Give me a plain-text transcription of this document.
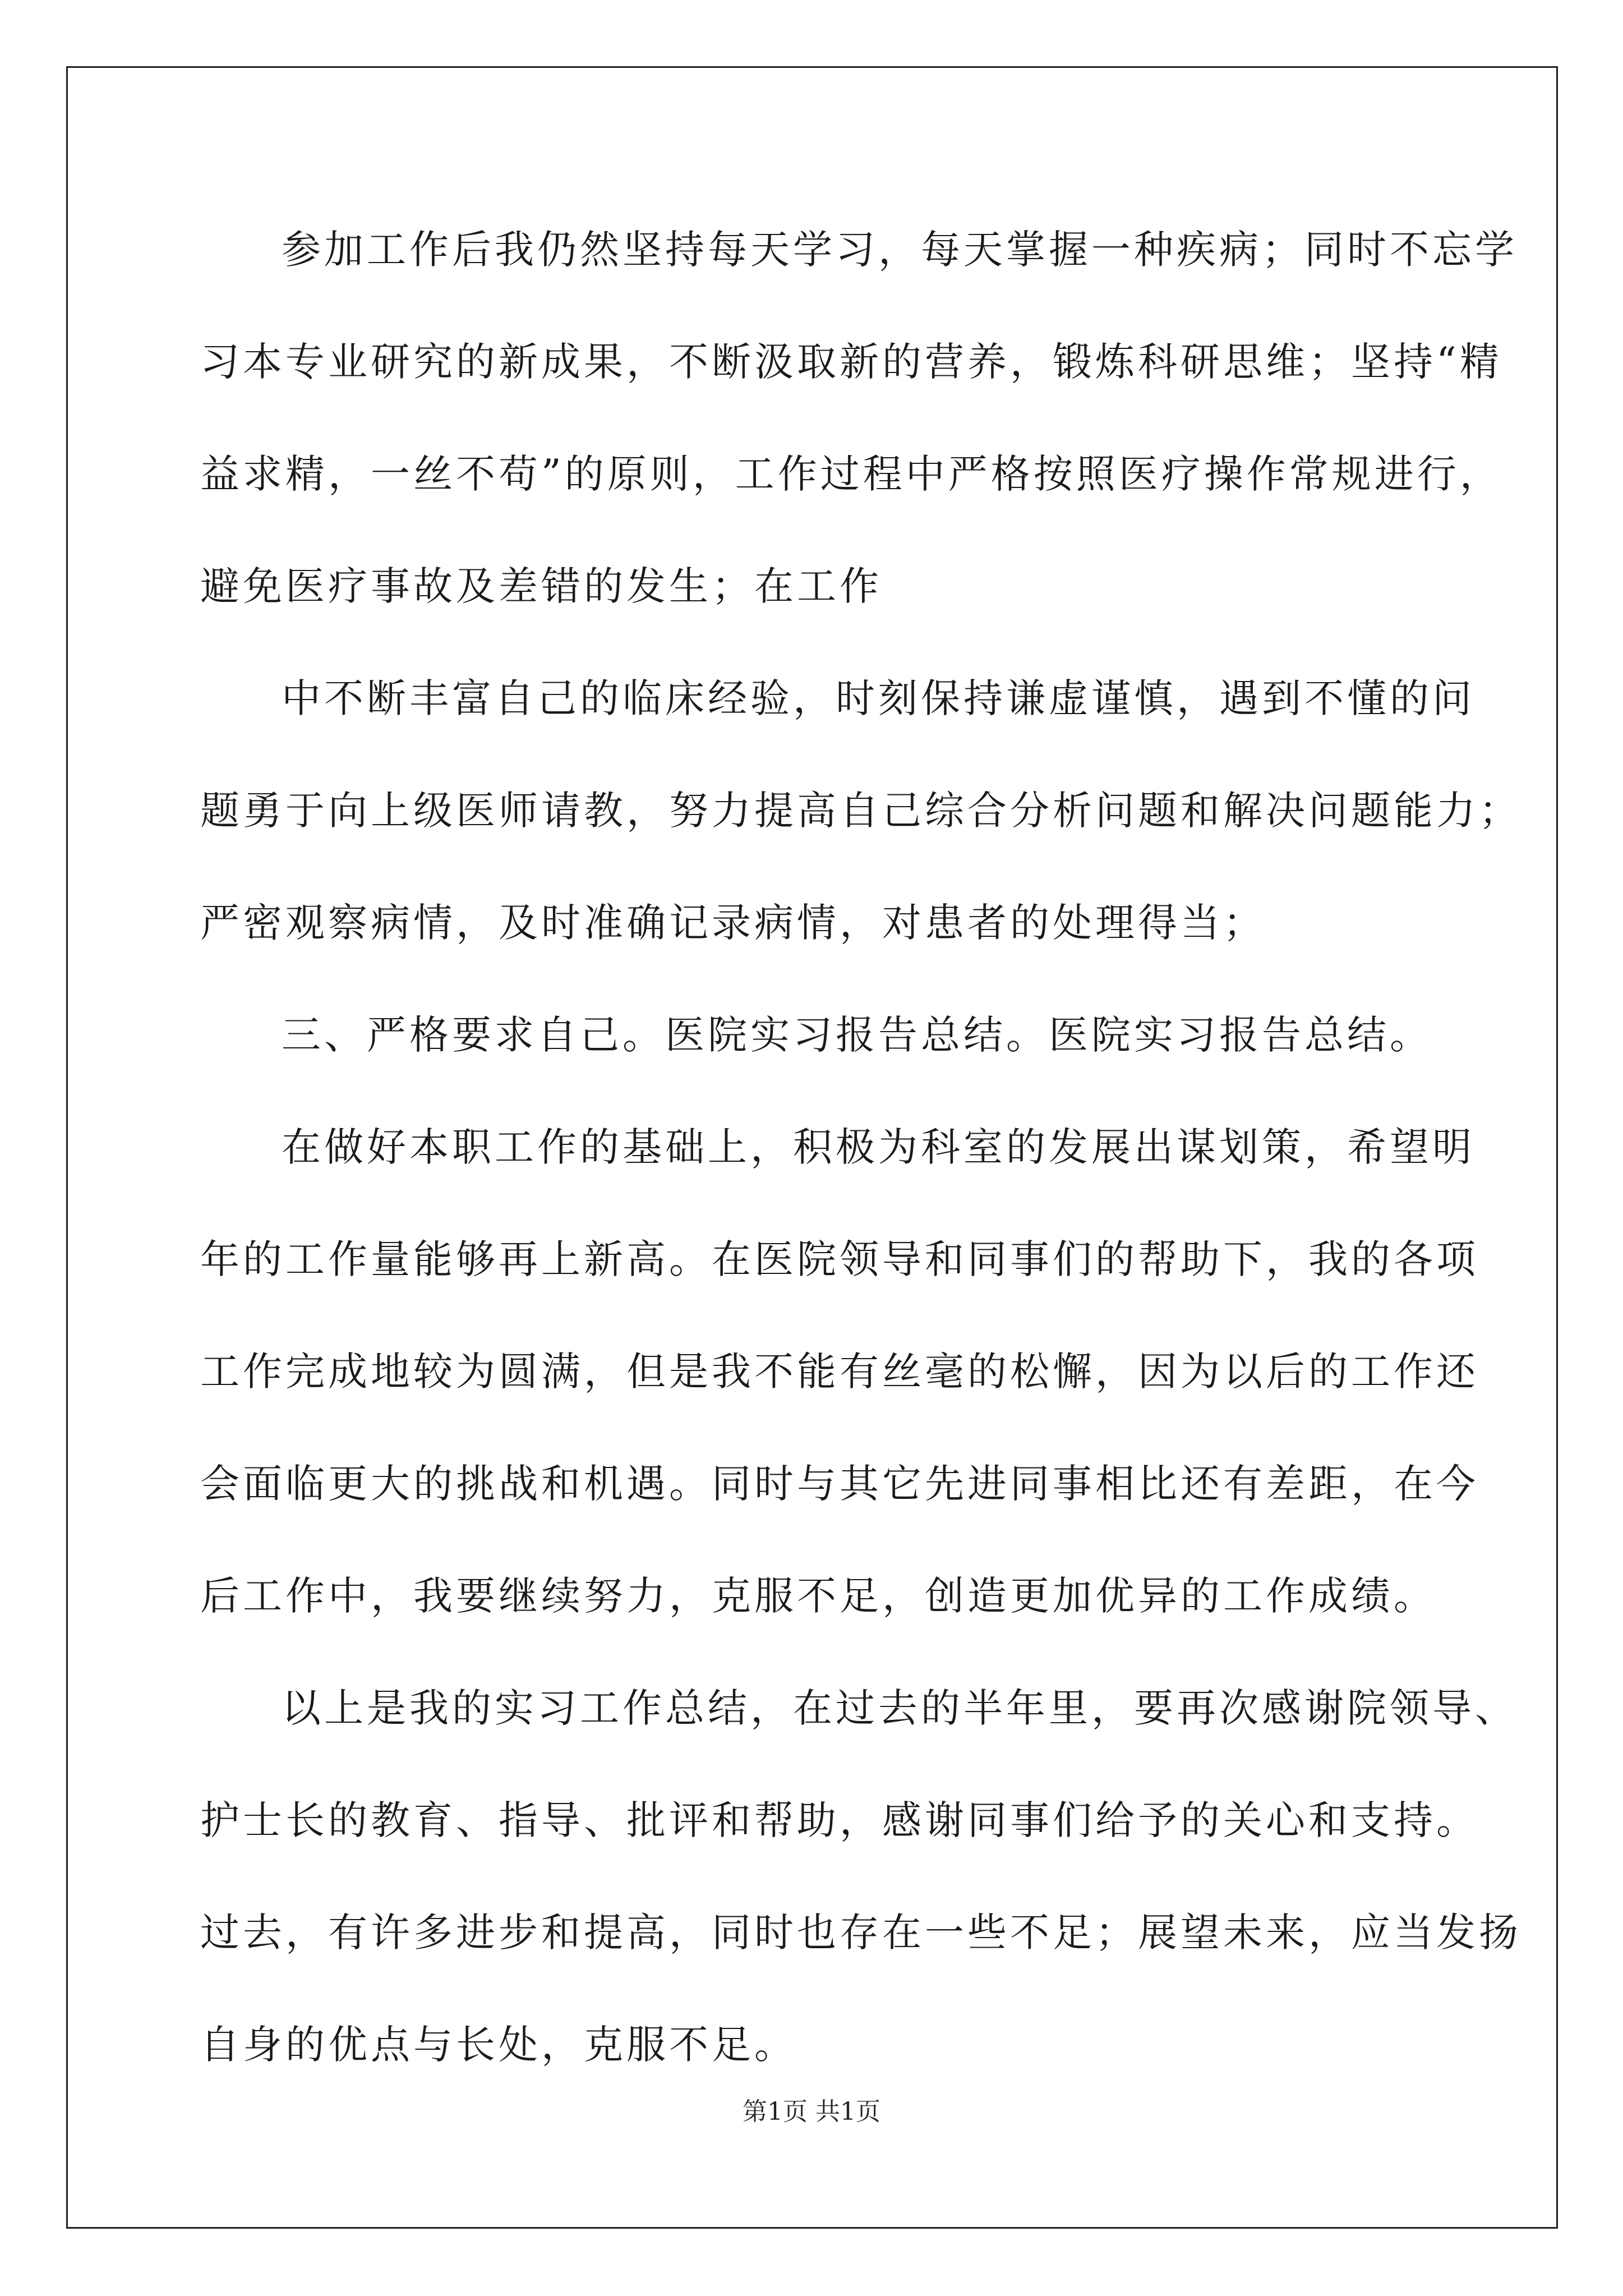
参加工作后我仍然坚持每天学习，每天掌握一种疾病；同时不忘学
习本专业研究的新成果，不断汲取新的营养，锻炼科研思维；坚持“精
益求精，一丝不苟”的原则，工作过程中严格按照医疗操作常规进行，
避免医疗事故及差错的发生；在工作
中不断丰富自己的临床经验，时刻保持谦虚谨慎，遇到不懂的问
题勇于向上级医师请教，努力提高自己综合分析问题和解决问题能力；
严密观察病情，及时准确记录病情，对患者的处理得当；
三、严格要求自己。医院实习报告总结。医院实习报告总结。
在做好本职工作的基础上，积极为科室的发展出谋划策，希望明
年的工作量能够再上新高。在医院领导和同事们的帮助下，我的各项
工作完成地较为圆满，但是我不能有丝毫的松懈，因为以后的工作还
会面临更大的挑战和机遇。同时与其它先进同事相比还有差距，在今
后工作中，我要继续努力，克服不足，创造更加优异的工作成绩。
以上是我的实习工作总结，在过去的半年里，要再次感谢院领导、
护士长的教育、指导、批评和帮助，感谢同事们给予的关心和支持。
过去，有许多进步和提高，同时也存在一些不足；展望未来，应当发扬
自身的优点与长处，克服不足。
第1页 共1页
